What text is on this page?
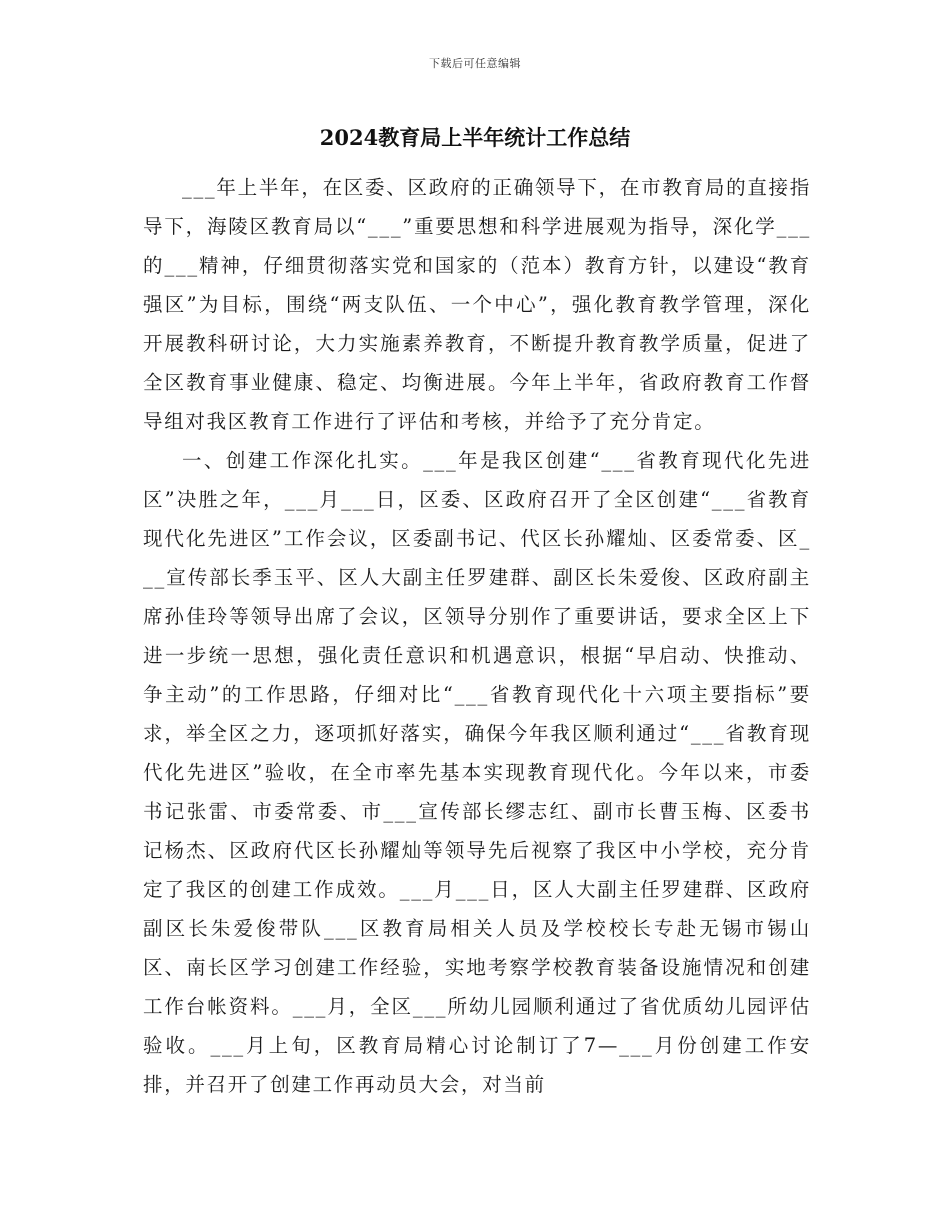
下载后可任意编辑
2024教育局上半年统计工作总结

___年上半年，在区委、区政府的正确领导下，在市教育局的直接指导下，海陵区教育局以“___”重要思想和科学进展观为指导，深化学___的___精神，仔细贯彻落实党和国家的（范本）教育方针，以建设“教育强区”为目标，围绕“两支队伍、一个中心”，强化教育教学管理，深化开展教科研讨论，大力实施素养教育，不断提升教育教学质量，促进了全区教育事业健康、稳定、均衡进展。今年上半年，省政府教育工作督导组对我区教育工作进行了评估和考核，并给予了充分肯定。

一、创建工作深化扎实。___年是我区创建“___省教育现代化先进区”决胜之年，___月___日，区委、区政府召开了全区创建“___省教育现代化先进区”工作会议，区委副书记、代区长孙耀灿、区委常委、区___宣传部长季玉平、区人大副主任罗建群、副区长朱爱俊、区政府副主席孙佳玲等领导出席了会议，区领导分别作了重要讲话，要求全区上下进一步统一思想，强化责任意识和机遇意识，根据“早启动、快推动、争主动”的工作思路，仔细对比“___省教育现代化十六项主要指标”要求，举全区之力，逐项抓好落实，确保今年我区顺利通过“___省教育现代化先进区”验收，在全市率先基本实现教育现代化。今年以来，市委书记张雷、市委常委、市___宣传部长缪志红、副市长曹玉梅、区委书记杨杰、区政府代区长孙耀灿等领导先后视察了我区中小学校，充分肯定了我区的创建工作成效。___月___日，区人大副主任罗建群、区政府副区长朱爱俊带队___区教育局相关人员及学校校长专赴无锡市锡山区、南长区学习创建工作经验，实地考察学校教育装备设施情况和创建工作台帐资料。___月，全区___所幼儿园顺利通过了省优质幼儿园评估验收。___月上旬，区教育局精心讨论制订了7—___月份创建工作安排，并召开了创建工作再动员大会，对当前
